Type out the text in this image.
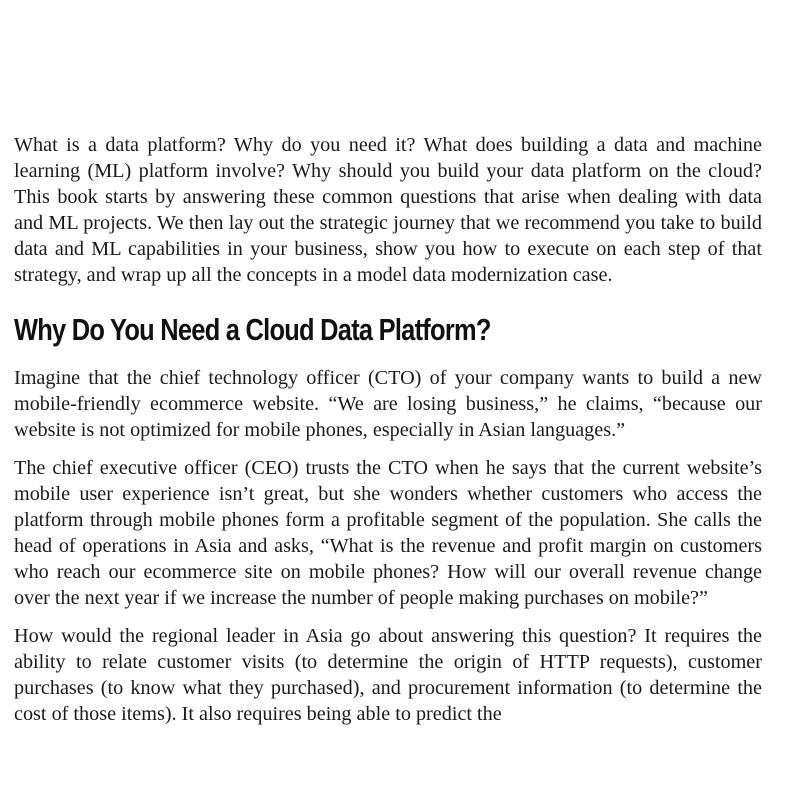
What is a data platform? Why do you need it? What does building a data and machine learning (ML) platform involve? Why should you build your data platform on the cloud? This book starts by answering these common questions that arise when dealing with data and ML projects. We then lay out the strategic journey that we recommend you take to build data and ML capabilities in your business, show you how to execute on each step of that strategy, and wrap up all the concepts in a model data modernization case.

Why Do You Need a Cloud Data Platform?

Imagine that the chief technology officer (CTO) of your company wants to build a new mobile-friendly ecommerce website. “We are losing business,” he claims, “because our website is not optimized for mobile phones, especially in Asian languages.”

The chief executive officer (CEO) trusts the CTO when he says that the current website’s mobile user experience isn’t great, but she wonders whether customers who access the platform through mobile phones form a profitable segment of the population. She calls the head of operations in Asia and asks, “What is the revenue and profit margin on customers who reach our ecommerce site on mobile phones? How will our overall revenue change over the next year if we increase the number of people making purchases on mobile?”

How would the regional leader in Asia go about answering this question? It requires the ability to relate customer visits (to determine the origin of HTTP requests), customer purchases (to know what they purchased), and procurement information (to determine the cost of those items). It also requires being able to predict the
